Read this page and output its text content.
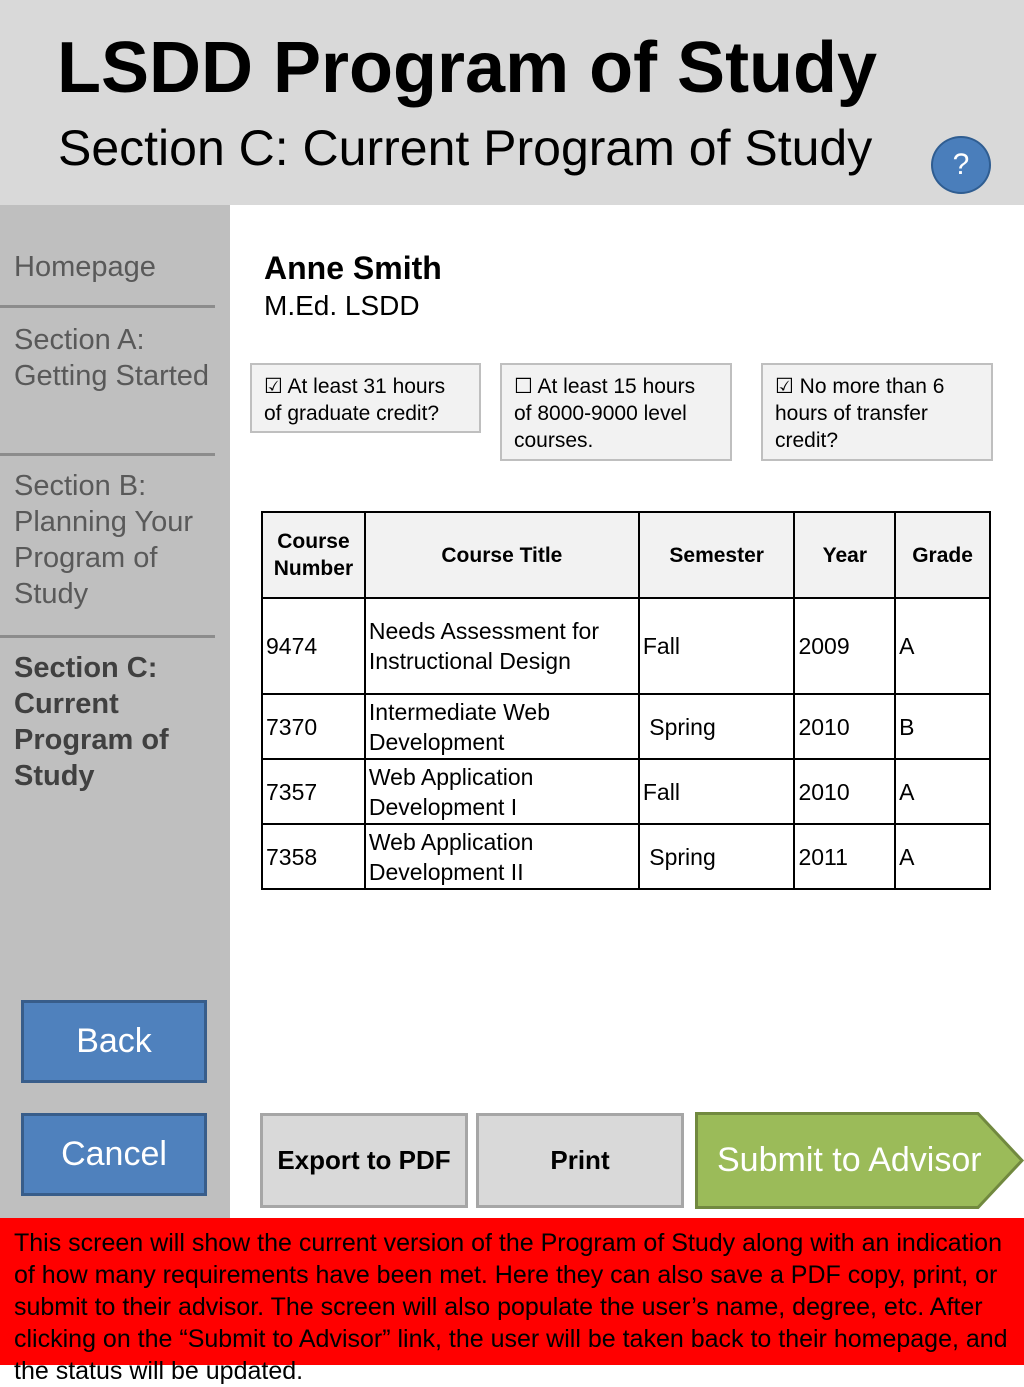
LSDD Program of Study
Section C: Current Program of Study	?
Homepage
Section A: Getting Started
Section B: Planning Your Program of Study
Section C: Current Program of Study
Back
Cancel
Anne Smith
M.Ed. LSDD
☑ At least 31 hours of graduate credit?
☐ At least 15 hours of 8000-9000 level courses.
☑ No more than 6 hours of transfer credit?
Course Number	Course Title	Semester	Year	Grade
9474	Needs Assessment for Instructional Design	Fall	2009	A
7370	Intermediate Web Development	Spring	2010	B
7357	Web Application Development I	Fall	2010	A
7358	Web Application Development II	Spring	2011	A
Export to PDF	Print	Submit to Advisor
This screen will show the current version of the Program of Study along with an indication of how many requirements have been met. Here they can also save a PDF copy, print, or submit to their advisor. The screen will also populate the user’s name, degree, etc. After clicking on the “Submit to Advisor” link, the user will be taken back to their homepage, and the status will be updated.
